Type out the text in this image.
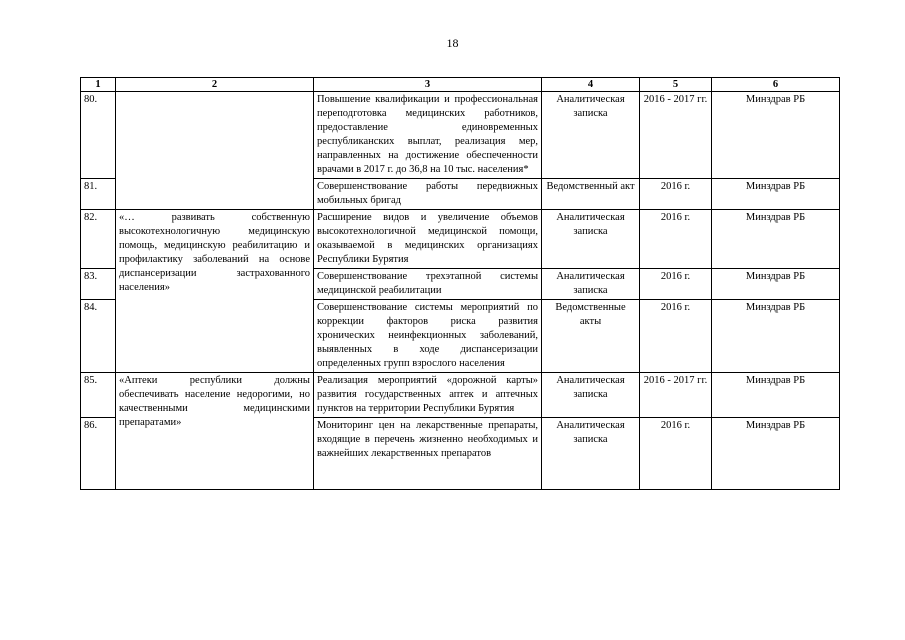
18
1	2	3	4	5	6
80.		Повышение квалификации и профессиональная переподготовка медицинских работников, предоставление единовременных республиканских выплат, реализация мер, направленных на достижение обеспеченности врачами в 2017 г. до 36,8 на 10 тыс. населения*	Аналитическая записка	2016 - 2017 гг.	Минздрав РБ
81.		Совершенствование работы передвижных мобильных бригад	Ведомственный акт	2016 г.	Минздрав РБ
82.	«… развивать собственную высокотехнологичную медицинскую помощь, медицинскую реабилитацию и профилактику заболеваний на основе диспансеризации застрахованного населения»	Расширение видов и увеличение объемов высокотехнологичной медицинской помощи, оказываемой в медицинских организациях Республики Бурятия	Аналитическая записка	2016 г.	Минздрав РБ
83.		Совершенствование трехэтапной системы медицинской реабилитации	Аналитическая записка	2016 г.	Минздрав РБ
84.		Совершенствование системы мероприятий по коррекции факторов риска развития хронических неинфекционных заболеваний, выявленных в ходе диспансеризации определенных групп взрослого населения	Ведомственные акты	2016 г.	Минздрав РБ
85.	«Аптеки республики должны обеспечивать население недорогими, но качественными медицинскими препаратами»	Реализация мероприятий «дорожной карты» развития государственных аптек и аптечных пунктов на территории Республики Бурятия	Аналитическая записка	2016 - 2017 гг.	Минздрав РБ
86.		Мониторинг цен на лекарственные препараты, входящие в перечень жизненно необходимых и важнейших лекарственных препаратов	Аналитическая записка	2016 г.	Минздрав РБ
